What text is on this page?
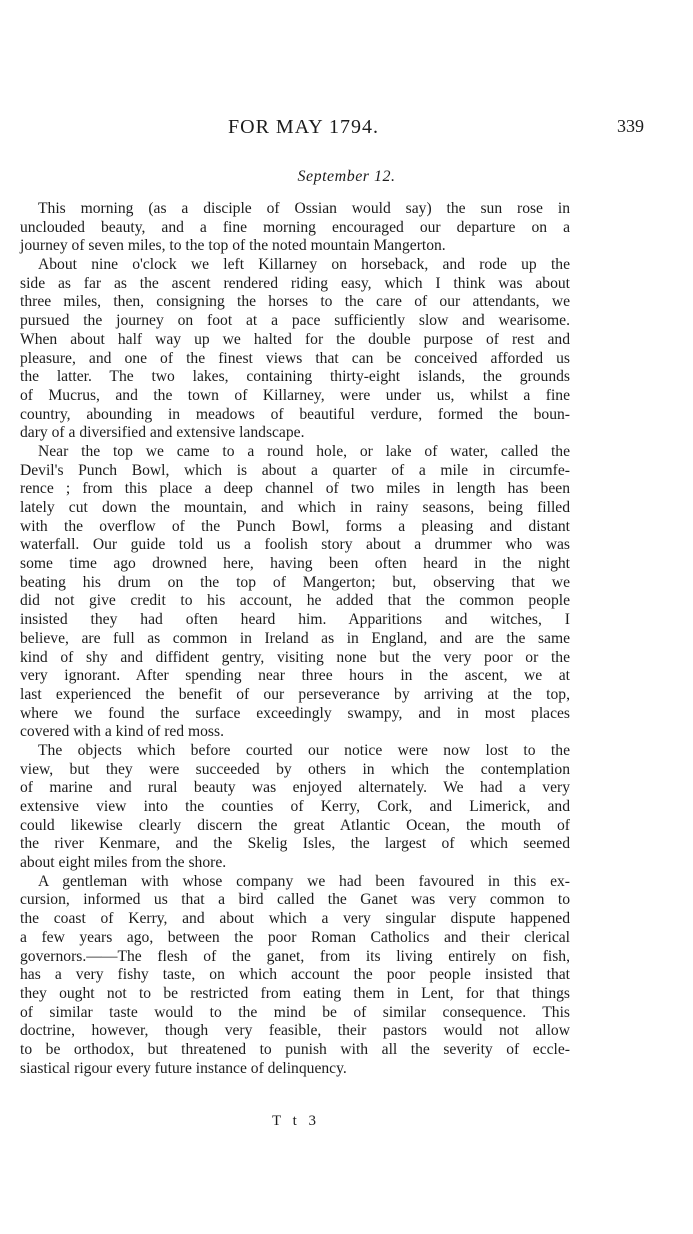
FOR MAY 1794.	339
September 12.
This morning (as a disciple of Ossian would say) the sun rose in
unclouded beauty, and a fine morning encouraged our departure on a
journey of seven miles, to the top of the noted mountain Mangerton.
About nine o'clock we left Killarney on horseback, and rode up the
side as far as the ascent rendered riding easy, which I think was about
three miles, then, consigning the horses to the care of our attendants, we
pursued the journey on foot at a pace sufficiently slow and wearisome.
When about half way up we halted for the double purpose of rest and
pleasure, and one of the finest views that can be conceived afforded us
the latter. The two lakes, containing thirty-eight islands, the grounds
of Mucrus, and the town of Killarney, were under us, whilst a fine
country, abounding in meadows of beautiful verdure, formed the boun-
dary of a diversified and extensive landscape.
Near the top we came to a round hole, or lake of water, called the
Devil's Punch Bowl, which is about a quarter of a mile in circumfe-
rence ; from this place a deep channel of two miles in length has been
lately cut down the mountain, and which in rainy seasons, being filled
with the overflow of the Punch Bowl, forms a pleasing and distant
waterfall. Our guide told us a foolish story about a drummer who was
some time ago drowned here, having been often heard in the night
beating his drum on the top of Mangerton; but, observing that we
did not give credit to his account, he added that the common people
insisted they had often heard him. Apparitions and witches, I
believe, are full as common in Ireland as in England, and are the same
kind of shy and diffident gentry, visiting none but the very poor or the
very ignorant. After spending near three hours in the ascent, we at
last experienced the benefit of our perseverance by arriving at the top,
where we found the surface exceedingly swampy, and in most places
covered with a kind of red moss.
The objects which before courted our notice were now lost to the
view, but they were succeeded by others in which the contemplation
of marine and rural beauty was enjoyed alternately. We had a very
extensive view into the counties of Kerry, Cork, and Limerick, and
could likewise clearly discern the great Atlantic Ocean, the mouth of
the river Kenmare, and the Skelig Isles, the largest of which seemed
about eight miles from the shore.
A gentleman with whose company we had been favoured in this ex-
cursion, informed us that a bird called the Ganet was very common to
the coast of Kerry, and about which a very singular dispute happened
a few years ago, between the poor Roman Catholics and their clerical
governors.——The flesh of the ganet, from its living entirely on fish,
has a very fishy taste, on which account the poor people insisted that
they ought not to be restricted from eating them in Lent, for that things
of similar taste would to the mind be of similar consequence. This
doctrine, however, though very feasible, their pastors would not allow
to be orthodox, but threatened to punish with all the severity of eccle-
siastical rigour every future instance of delinquency.
T t 3
